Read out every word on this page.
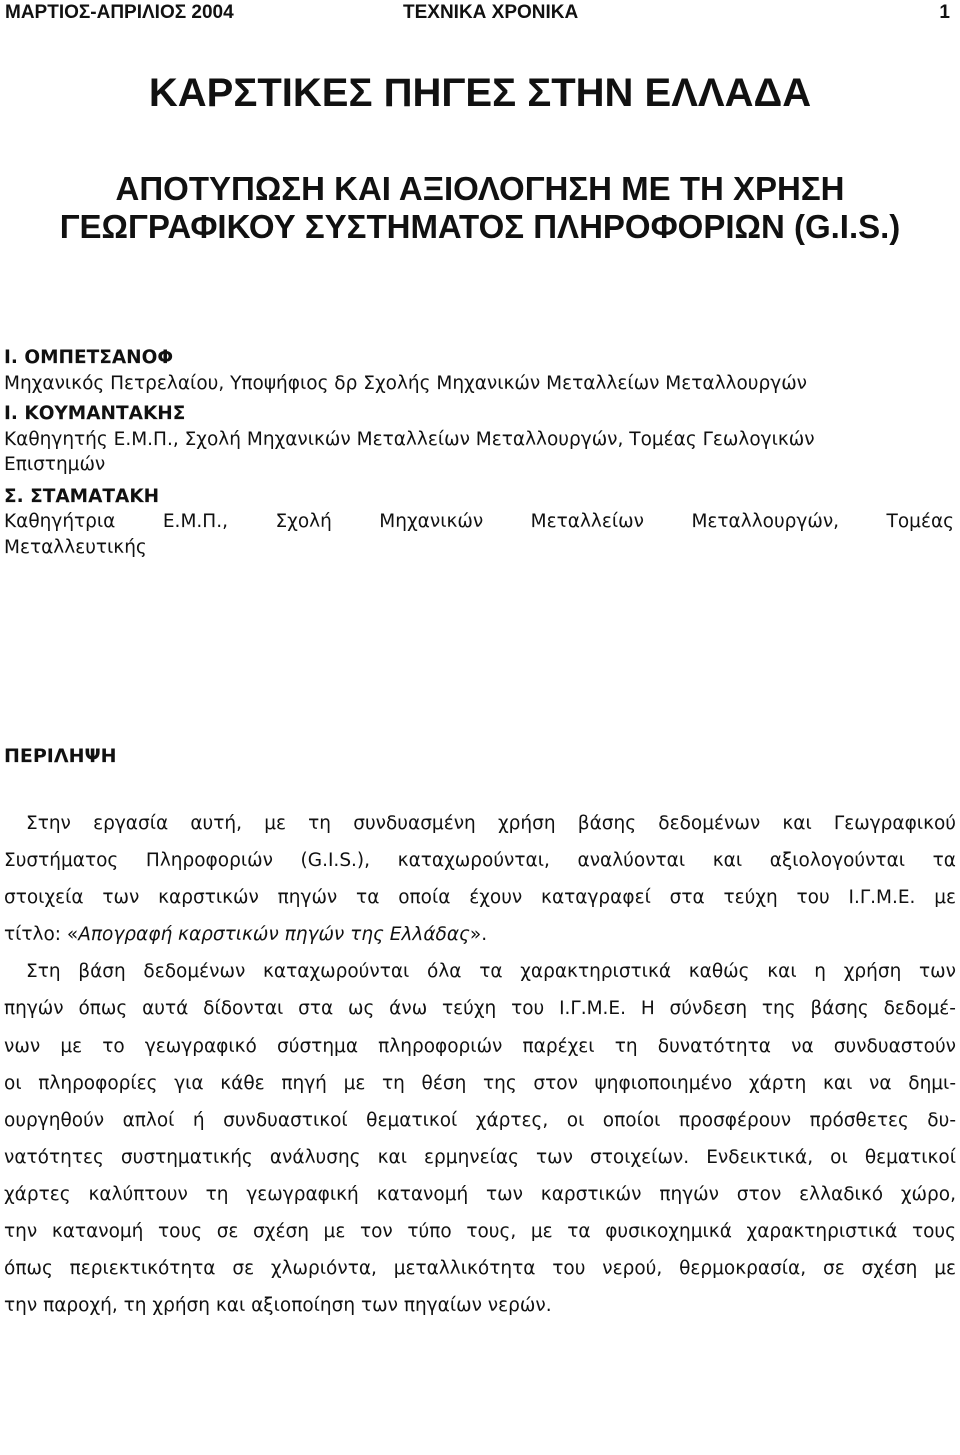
ΜΑΡΤΙΟΣ-ΑΠΡΙΛΙΟΣ 2004	ΤΕΧΝΙΚΑ ΧΡΟΝΙΚΑ	1
ΚΑΡΣΤΙΚΕΣ ΠΗΓΕΣ ΣΤΗΝ ΕΛΛΑΔΑ
ΑΠΟΤΥΠΩΣΗ ΚΑΙ ΑΞΙΟΛΟΓΗΣΗ ΜΕ ΤΗ ΧΡΗΣΗ
ΓΕΩΓΡΑΦΙΚΟΥ ΣΥΣΤΗΜΑΤΟΣ ΠΛΗΡΟΦΟΡΙΩΝ (G.I.S.)
Ι. ΟΜΠΕΤΣΑΝΟΦ
Μηχανικός Πετρελαίου, Υποψήφιος δρ Σχολής Μηχανικών Μεταλλείων Μεταλλουργών
Ι. ΚΟΥΜΑΝΤΑΚΗΣ
Καθηγητής Ε.Μ.Π., Σχολή Μηχανικών Μεταλλείων Μεταλλουργών, Τομέας Γεωλογικών
Επιστημών
Σ. ΣΤΑΜΑΤΑΚΗ
Καθηγήτρια Ε.Μ.Π., Σχολή Μηχανικών Μεταλλείων Μεταλλουργών, Τομέας
Μεταλλευτικής
ΠΕΡΙΛΗΨΗ

Στην εργασία αυτή, με τη συνδυασμένη χρήση βάσης δεδομένων και Γεωγραφικού
Συστήματος Πληροφοριών (G.I.S.), καταχωρούνται, αναλύονται και αξιολογούνται τα
στοιχεία των καρστικών πηγών τα οποία έχουν καταγραφεί στα τεύχη του Ι.Γ.Μ.Ε. με
τίτλο: «Απογραφή καρστικών πηγών της Ελλάδας».

Στη βάση δεδομένων καταχωρούνται όλα τα χαρακτηριστικά καθώς και η χρήση των
πηγών όπως αυτά δίδονται στα ως άνω τεύχη του Ι.Γ.Μ.Ε. Η σύνδεση της βάσης δεδομέ-
νων με το γεωγραφικό σύστημα πληροφοριών παρέχει τη δυνατότητα να συνδυαστούν
οι πληροφορίες για κάθε πηγή με τη θέση της στον ψηφιοποιημένο χάρτη και να δημι-
ουργηθούν απλοί ή συνδυαστικοί θεματικοί χάρτες, οι οποίοι προσφέρουν πρόσθετες δυ-
νατότητες συστηματικής ανάλυσης και ερμηνείας των στοιχείων. Ενδεικτικά, οι θεματικοί
χάρτες καλύπτουν τη γεωγραφική κατανομή των καρστικών πηγών στον ελλαδικό χώρο,
την κατανομή τους σε σχέση με τον τύπο τους, με τα φυσικοχημικά χαρακτηριστικά τους
όπως περιεκτικότητα σε χλωριόντα, μεταλλικότητα του νερού, θερμοκρασία, σε σχέση με
την παροχή, τη χρήση και αξιοποίηση των πηγαίων νερών.
